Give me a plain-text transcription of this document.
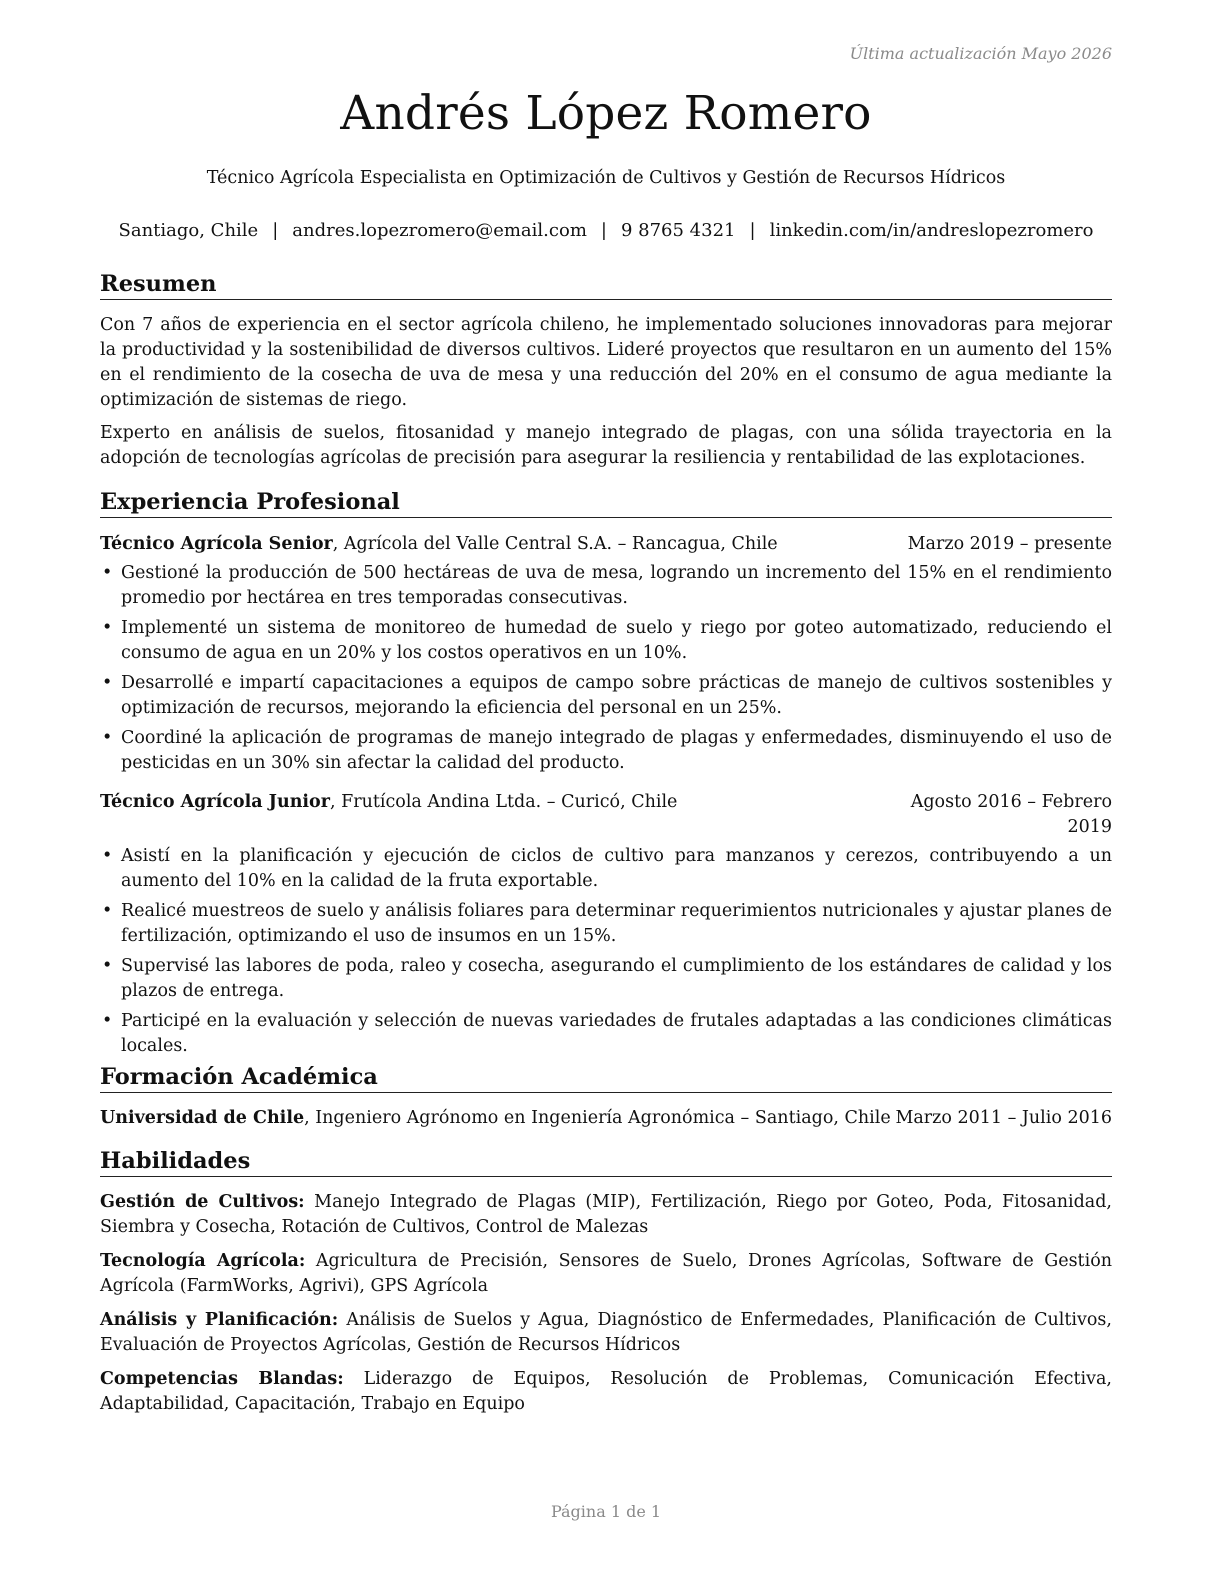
Última actualización Mayo 2026
Andrés López Romero
Técnico Agrícola Especialista en Optimización de Cultivos y Gestión de Recursos Hídricos
Santiago, Chile | andres.lopezromero@email.com | 9 8765 4321 | linkedin.com/in/andreslopezromero
Resumen

Con 7 años de experiencia en el sector agrícola chileno, he implementado soluciones innovadoras para mejorar la productividad y la sostenibilidad de diversos cultivos. Lideré proyectos que resultaron en un aumento del 15% en el rendimiento de la cosecha de uva de mesa y una reducción del 20% en el consumo de agua mediante la optimización de sistemas de riego.

Experto en análisis de suelos, fitosanidad y manejo integrado de plagas, con una sólida trayectoria en la adopción de tecnologías agrícolas de precisión para asegurar la resiliencia y rentabilidad de las explotaciones.

Experiencia Profesional
Técnico Agrícola Senior, Agrícola del Valle Central S.A. – Rancagua, Chile	Marzo 2019 – presente
• Gestioné la producción de 500 hectáreas de uva de mesa, logrando un incremento del 15% en el rendimiento promedio por hectárea en tres temporadas consecutivas.
• Implementé un sistema de monitoreo de humedad de suelo y riego por goteo automatizado, reduciendo el consumo de agua en un 20% y los costos operativos en un 10%.
• Desarrollé e impartí capacitaciones a equipos de campo sobre prácticas de manejo de cultivos sostenibles y optimización de recursos, mejorando la eficiencia del personal en un 25%.
• Coordiné la aplicación de programas de manejo integrado de plagas y enfermedades, disminuyendo el uso de pesticidas en un 30% sin afectar la calidad del producto.
Técnico Agrícola Junior, Frutícola Andina Ltda. – Curicó, Chile	Agosto 2016 – Febrero 2019
• Asistí en la planificación y ejecución de ciclos de cultivo para manzanos y cerezos, contribuyendo a un aumento del 10% en la calidad de la fruta exportable.
• Realicé muestreos de suelo y análisis foliares para determinar requerimientos nutricionales y ajustar planes de fertilización, optimizando el uso de insumos en un 15%.
• Supervisé las labores de poda, raleo y cosecha, asegurando el cumplimiento de los estándares de calidad y los plazos de entrega.
• Participé en la evaluación y selección de nuevas variedades de frutales adaptadas a las condiciones climáticas locales.
Formación Académica
Universidad de Chile, Ingeniero Agrónomo en Ingeniería Agronómica – Santiago, Chile Marzo 2011 – Julio 2016
Habilidades

Gestión de Cultivos: Manejo Integrado de Plagas (MIP), Fertilización, Riego por Goteo, Poda, Fitosanidad, Siembra y Cosecha, Rotación de Cultivos, Control de Malezas

Tecnología Agrícola: Agricultura de Precisión, Sensores de Suelo, Drones Agrícolas, Software de Gestión Agrícola (FarmWorks, Agrivi), GPS Agrícola

Análisis y Planificación: Análisis de Suelos y Agua, Diagnóstico de Enfermedades, Planificación de Cultivos, Evaluación de Proyectos Agrícolas, Gestión de Recursos Hídricos

Competencias Blandas: Liderazgo de Equipos, Resolución de Problemas, Comunicación Efectiva, Adaptabilidad, Capacitación, Trabajo en Equipo

Página 1 de 1
